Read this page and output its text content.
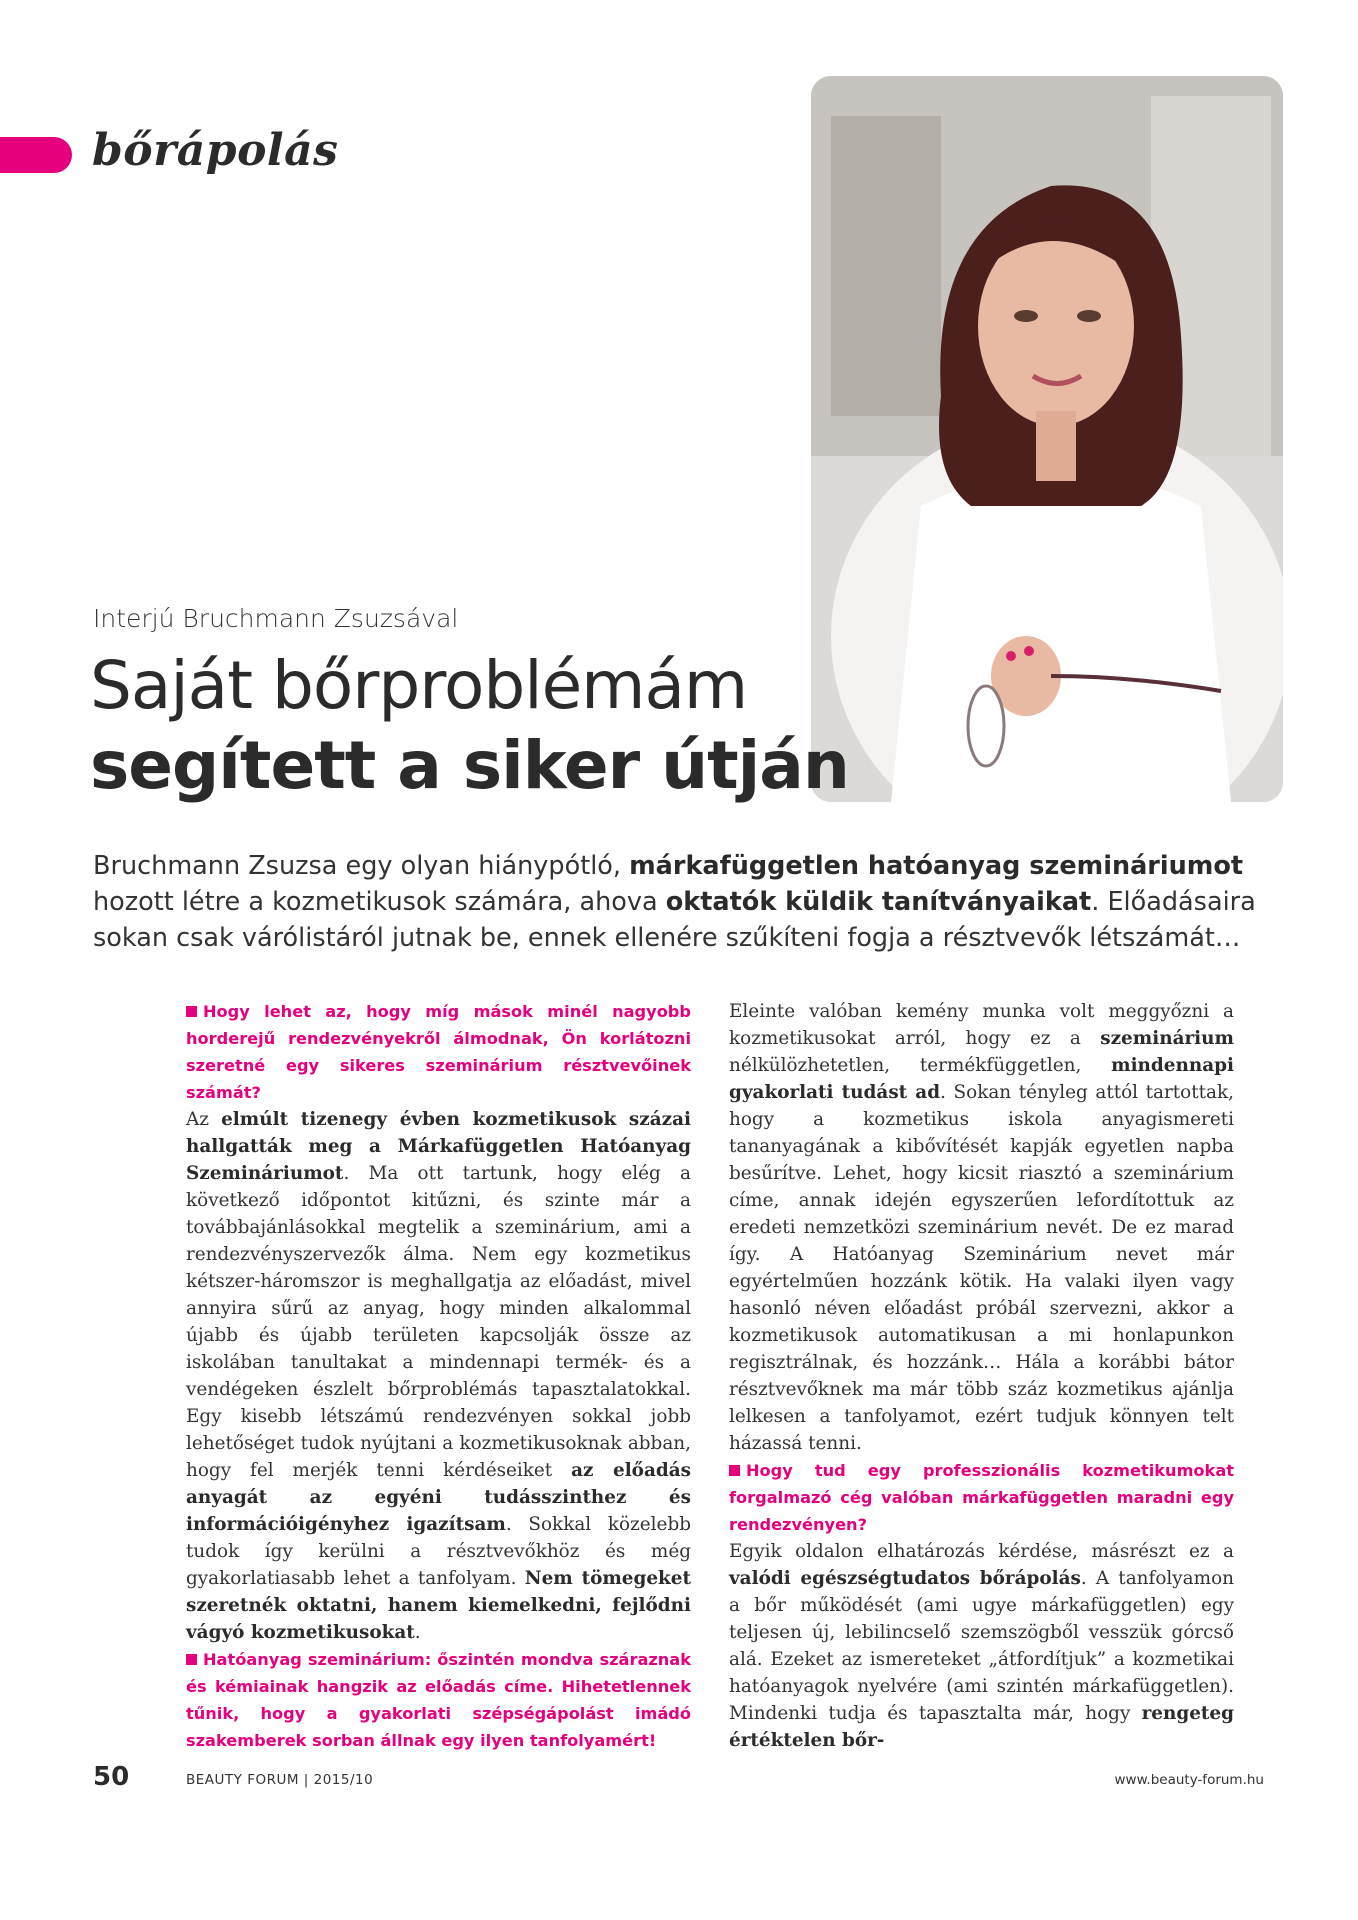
bőrápolás
Interjú Bruchmann Zsuzsával
Saját bőrproblémám
segített a siker útján
Bruchmann Zsuzsa egy olyan hiánypótló, márkafüggetlen hatóanyag szemináriumot hozott létre a kozmetikusok számára, ahova oktatók küldik tanítványaikat. Előadásaira sokan csak várólistáról jutnak be, ennek ellenére szűkíteni fogja a résztvevők létszámát…

Hogy lehet az, hogy míg mások minél nagyobb horderejű rendezvényekről álmodnak, Ön korlátozni szeretné egy sikeres szeminárium résztvevőinek számát?

Az elmúlt tizenegy évben kozmetikusok százai hallgatták meg a Márkafüggetlen Hatóanyag Szemináriumot. Ma ott tartunk, hogy elég a következő időpontot kitűzni, és szinte már a továbbajánlásokkal megtelik a szeminárium, ami a rendezvényszervezők álma. Nem egy kozmetikus kétszer-háromszor is meghallgatja az előadást, mivel annyira sűrű az anyag, hogy minden alkalommal újabb és újabb területen kapcsolják össze az iskolában tanultakat a mindennapi termék- és a vendégeken észlelt bőrproblémás tapasztalatokkal. Egy kisebb létszámú rendezvényen sokkal jobb lehetőséget tudok nyújtani a kozmetikusoknak abban, hogy fel merjék tenni kérdéseiket az előadás anyagát az egyéni tudásszinthez és információigényhez igazítsam. Sokkal közelebb tudok így kerülni a résztvevőkhöz és még gyakorlatiasabb lehet a tanfolyam. Nem tömegeket szeretnék oktatni, hanem kiemelkedni, fejlődni vágyó kozmetikusokat.

Hatóanyag szeminárium: őszintén mondva száraznak és kémiainak hangzik az előadás címe. Hihetetlennek tűnik, hogy a gyakorlati szépségápolást imádó szakemberek sorban állnak egy ilyen tanfolyamért!

Eleinte valóban kemény munka volt meggyőzni a kozmetikusokat arról, hogy ez a szeminárium nélkülözhetetlen, termékfüggetlen, mindennapi gyakorlati tudást ad. Sokan tényleg attól tartottak, hogy a kozmetikus iskola anyagismereti tananyagának a kibővítését kapják egyetlen napba besűrítve. Lehet, hogy kicsit riasztó a szeminárium címe, annak idején egyszerűen lefordítottuk az eredeti nemzetközi szeminárium nevét. De ez marad így. A Hatóanyag Szeminárium nevet már egyértelműen hozzánk kötik. Ha valaki ilyen vagy hasonló néven előadást próbál szervezni, akkor a kozmetikusok automatikusan a mi honlapunkon regisztrálnak, és hozzánk… Hála a korábbi bátor résztvevőknek ma már több száz kozmetikus ajánlja lelkesen a tanfolyamot, ezért tudjuk könnyen telt házassá tenni.

Hogy tud egy professzionális kozmetikumokat forgalmazó cég valóban márkafüggetlen maradni egy rendezvényen?

Egyik oldalon elhatározás kérdése, másrészt ez a valódi egészségtudatos bőrápolás. A tanfolyamon a bőr működését (ami ugye márkafüggetlen) egy teljesen új, lebilincselő szemszögből vesszük górcső alá. Ezeket az ismereteket „átfordítjuk” a kozmetikai hatóanyagok nyelvére (ami szintén márkafüggetlen). Mindenki tudja és tapasztalta már, hogy rengeteg értéktelen bőr-

50	BEAUTY FORUM | 2015/10	www.beauty-forum.hu
